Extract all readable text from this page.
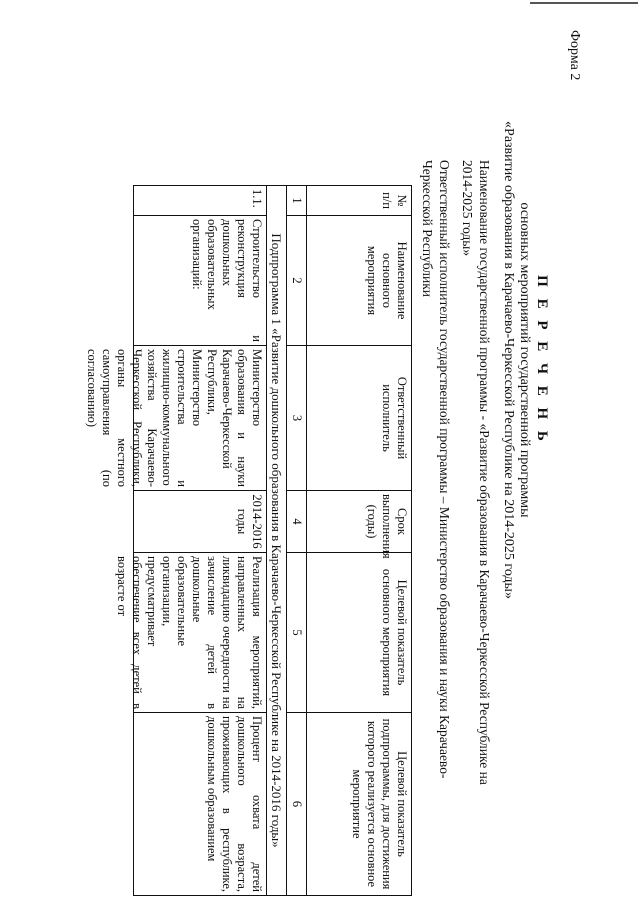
Форма 2
П Е Р Е Ч Е Н Ь
основных мероприятий государственной программы
«Развитие образования в Карачаево-Черкесской Республике на 2014-2025 годы»
Наименование государственной программы - «Развитие образования в Карачаево-Черкесской Республике на 2014-2025 годы»
Ответственный исполнитель государственной программы – Министерство образования и науки Карачаево-Черкесской Республики
№ п/п	Наименование основного мероприятия	Ответственный исполнитель	Срок выполнения (годы)	Целевой показатель основного мероприятия	Целевой показатель подпрограммы, для достижения которого реализуется основное мероприятие
1	2	3	4	5	6
Подпрограмма 1 «Развитие дошкольного образования в Карачаево-Черкесской Республике на 2014-2016 годы»					
1.1.	Строительство и реконструкция дошкольных образовательных организаций:	Министерство образования и науки Карачаево-Черкесской Республики, Министерство строительства и жилищно-коммунального хозяйства Карачаево-Черкесской Республики, органы местного самоуправления (по согласованию)	2014-2016 годы	Реализация мероприятий, направленных на ликвидацию очередности на зачисление детей в дошкольные образовательные организации, предусматривает обеспечение всех детей в возрасте от	Процент охвата детей дошкольного возраста, проживающих в республике, дошкольным образованием
